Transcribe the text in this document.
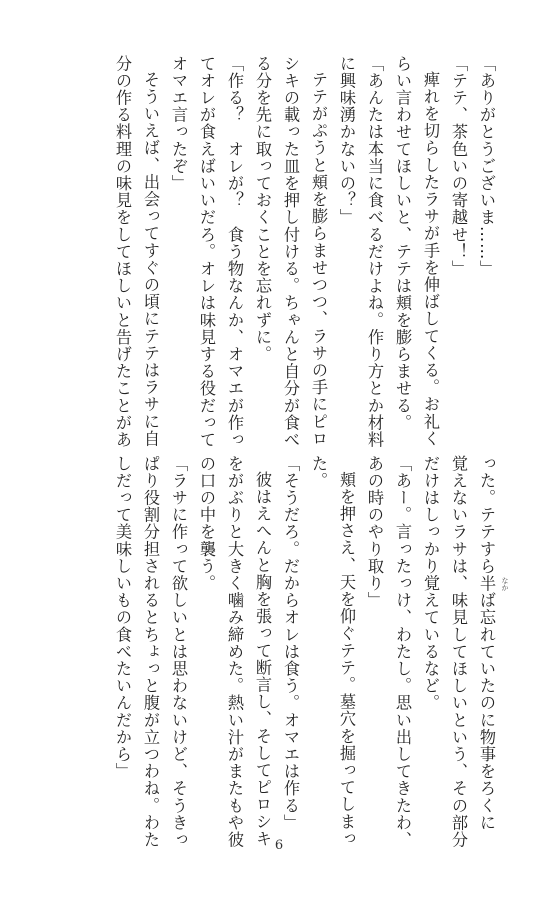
「ありがとうございま……」
「テテ、茶色いの寄越せ！」
痺れを切らしたラサが手を伸ばしてくる。お礼く
らい言わせてほしいと、テテは頬を膨らませる。
「あんたは本当に食べるだけよね。作り方とか材料
に興味湧かないの？」
テテがぷうと頬を膨らませつつ、ラサの手にピロ
シキの載った皿を押し付ける。ちゃんと自分が食べ
る分を先に取っておくことを忘れずに。
「作る？　オレが？　食う物なんか、オマエが作っ
てオレが食えばいいだろ。オレは味見する役だって
オマエ言ったぞ」
そういえば、出会ってすぐの頃にテテはラサに自
分の作る料理の味見をしてほしいと告げたことがあ
った。テテすら半 なか
ば忘れていたのに物事をろくに
覚えないラサは、味見してほしいという、その部分
だけはしっかり覚えているなど。
「あー。言ったっけ、わたし。思い出してきたわ、
あの時のやり取り」
頬を押さえ、天を仰ぐテテ。墓穴を掘ってしまっ
た。
「そうだろ。だからオレは食う。オマエは作る」
彼はえへんと胸を張って断言し、そしてピロシキ
をがぶりと大きく噛み締めた。熱い汁がまたもや彼
の口の中を襲う。
「ラサに作って欲しいとは思わないけど、そうきっ
ぱり役割分担されるとちょっと腹が立つわね。わた
しだって美味しいもの食べたいんだから」
6
